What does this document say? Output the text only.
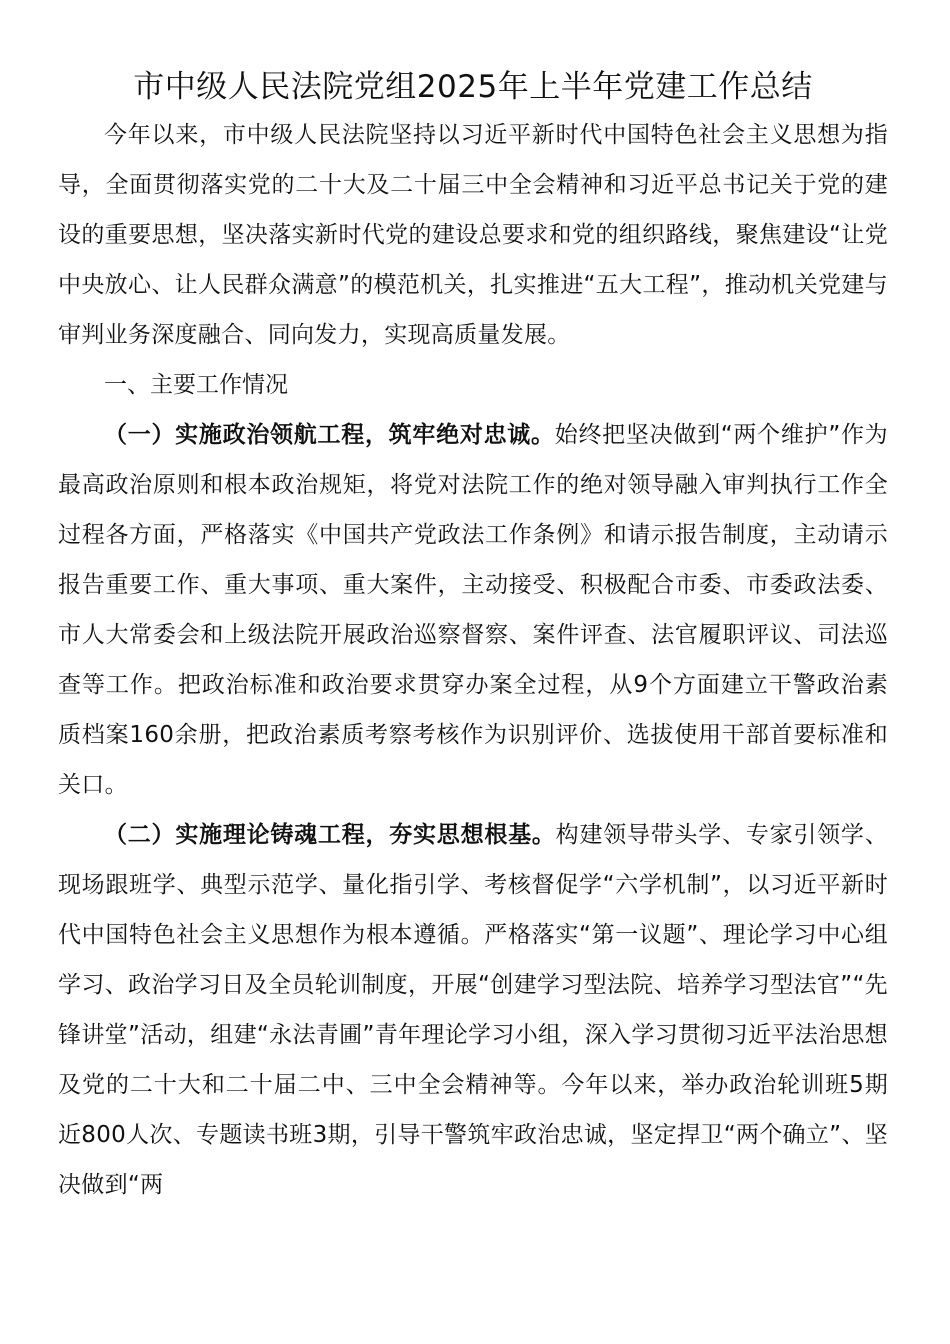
市中级人民法院党组2025年上半年党建工作总结

今年以来，市中级人民法院坚持以习近平新时代中国特色社会主义思想为指导，全面贯彻落实党的二十大及二十届三中全会精神和习近平总书记关于党的建设的重要思想，坚决落实新时代党的建设总要求和党的组织路线，聚焦建设“让党中央放心、让人民群众满意”的模范机关，扎实推进“五大工程”，推动机关党建与审判业务深度融合、同向发力，实现高质量发展。

一、主要工作情况

（一）实施政治领航工程，筑牢绝对忠诚。始终把坚决做到“两个维护”作为最高政治原则和根本政治规矩，将党对法院工作的绝对领导融入审判执行工作全过程各方面，严格落实《中国共产党政法工作条例》和请示报告制度，主动请示报告重要工作、重大事项、重大案件，主动接受、积极配合市委、市委政法委、市人大常委会和上级法院开展政治巡察督察、案件评查、法官履职评议、司法巡查等工作。把政治标准和政治要求贯穿办案全过程，从9个方面建立干警政治素质档案160余册，把政治素质考察考核作为识别评价、选拔使用干部首要标准和关口。

（二）实施理论铸魂工程，夯实思想根基。构建领导带头学、专家引领学、现场跟班学、典型示范学、量化指引学、考核督促学“六学机制”，以习近平新时代中国特色社会主义思想作为根本遵循。严格落实“第一议题”、理论学习中心组学习、政治学习日及全员轮训制度，开展“创建学习型法院、培养学习型法官”“先锋讲堂”活动，组建“永法青圃”青年理论学习小组，深入学习贯彻习近平法治思想及党的二十大和二十届二中、三中全会精神等。今年以来，举办政治轮训班5期近800人次、专题读书班3期，引导干警筑牢政治忠诚，坚定捍卫“两个确立”、坚决做到“两
